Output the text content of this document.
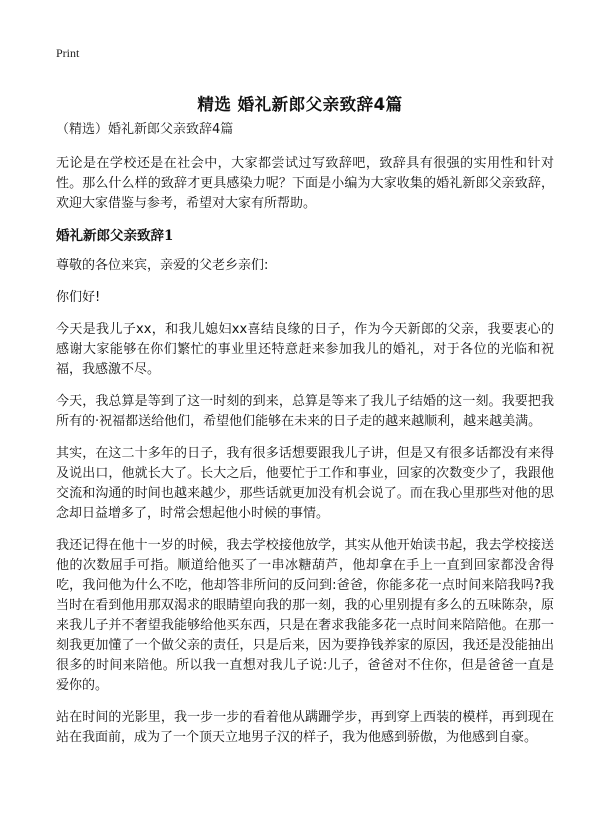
Print
精选 婚礼新郎父亲致辞4篇

（精选）婚礼新郎父亲致辞4篇

无论是在学校还是在社会中，大家都尝试过写致辞吧，致辞具有很强的实用性和针对性。那么什么样的致辞才更具感染力呢？下面是小编为大家收集的婚礼新郎父亲致辞，欢迎大家借鉴与参考，希望对大家有所帮助。

婚礼新郎父亲致辞1

尊敬的各位来宾，亲爱的父老乡亲们:

你们好!

今天是我儿子xx，和我儿媳妇xx喜结良缘的日子，作为今天新郎的父亲，我要衷心的感谢大家能够在你们繁忙的事业里还特意赶来参加我儿的婚礼，对于各位的光临和祝福，我感激不尽。

今天，我总算是等到了这一时刻的到来，总算是等来了我儿子结婚的这一刻。我要把我所有的·祝福都送给他们，希望他们能够在未来的日子走的越来越顺利，越来越美满。

其实，在这二十多年的日子，我有很多话想要跟我儿子讲，但是又有很多话都没有来得及说出口，他就长大了。长大之后，他要忙于工作和事业，回家的次数变少了，我跟他交流和沟通的时间也越来越少，那些话就更加没有机会说了。而在我心里那些对他的思念却日益增多了，时常会想起他小时候的事情。

我还记得在他十一岁的时候，我去学校接他放学，其实从他开始读书起，我去学校接送他的次数屈手可指。顺道给他买了一串冰糖葫芦，他却拿在手上一直到回家都没舍得吃，我问他为什么不吃，他却答非所问的反问到:爸爸，你能多花一点时间来陪我吗?我当时在看到他用那双渴求的眼睛望向我的那一刻，我的心里别提有多么的五味陈杂，原来我儿子并不奢望我能够给他买东西，只是在奢求我能多花一点时间来陪陪他。在那一刻我更加懂了一个做父亲的责任，只是后来，因为要挣钱养家的原因，我还是没能抽出很多的时间来陪他。所以我一直想对我儿子说:儿子，爸爸对不住你，但是爸爸一直是爱你的。

站在时间的光影里，我一步一步的看着他从蹒跚学步，再到穿上西装的模样，再到现在站在我面前，成为了一个顶天立地男子汉的样子，我为他感到骄傲，为他感到自豪。
